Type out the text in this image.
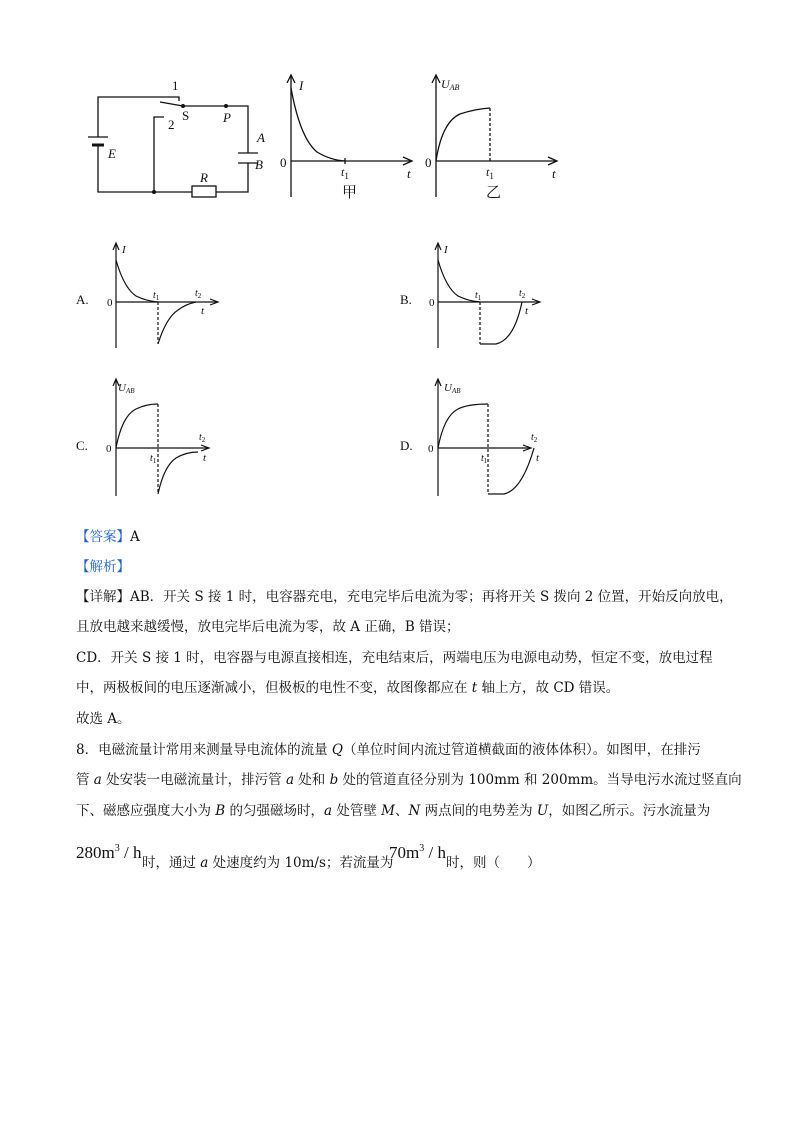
1
2
S	P
A
B
E
R
I
0
$t_1$	t
甲
UAB
0
$t_1$	t
乙
A.
I
0
$t_1$	$t_2$
t
B.
I
0
$t_1$	$t_2$
t
C.
UAB
0
$t_1$
$t_2$
t
D.
UAB
0
$t_1$
$t_2$
t
【答案】A
【解析】
【详解】AB．开关 S 接 1 时，电容器充电，充电完毕后电流为零；再将开关 S 拨向 2 位置，开始反向放电，
且放电越来越缓慢，放电完毕后电流为零，故 A 正确，B 错误；
CD．开关 S 接 1 时，电容器与电源直接相连，充电结束后，两端电压为电源电动势，恒定不变，放电过程
中，两极板间的电压逐渐减小，但极板的电性不变，故图像都应在 t 轴上方，故 CD 错误。
故选 A。
8．电磁流量计常用来测量导电流体的流量 Q（单位时间内流过管道横截面的液体体积）。如图甲，在排污
管 a 处安装一电磁流量计，排污管 a 处和 b 处的管道直径分别为 100mm 和 200mm。当导电污水流过竖直向
下、磁感应强度大小为 B 的匀强磁场时，a 处管壁 M、N 两点间的电势差为 U，如图乙所示。污水流量为
$280m^3$ / h
时，通过 a 处速度约为 10m/s；若流量为
$70m^3$ / h
时，则（　　）
